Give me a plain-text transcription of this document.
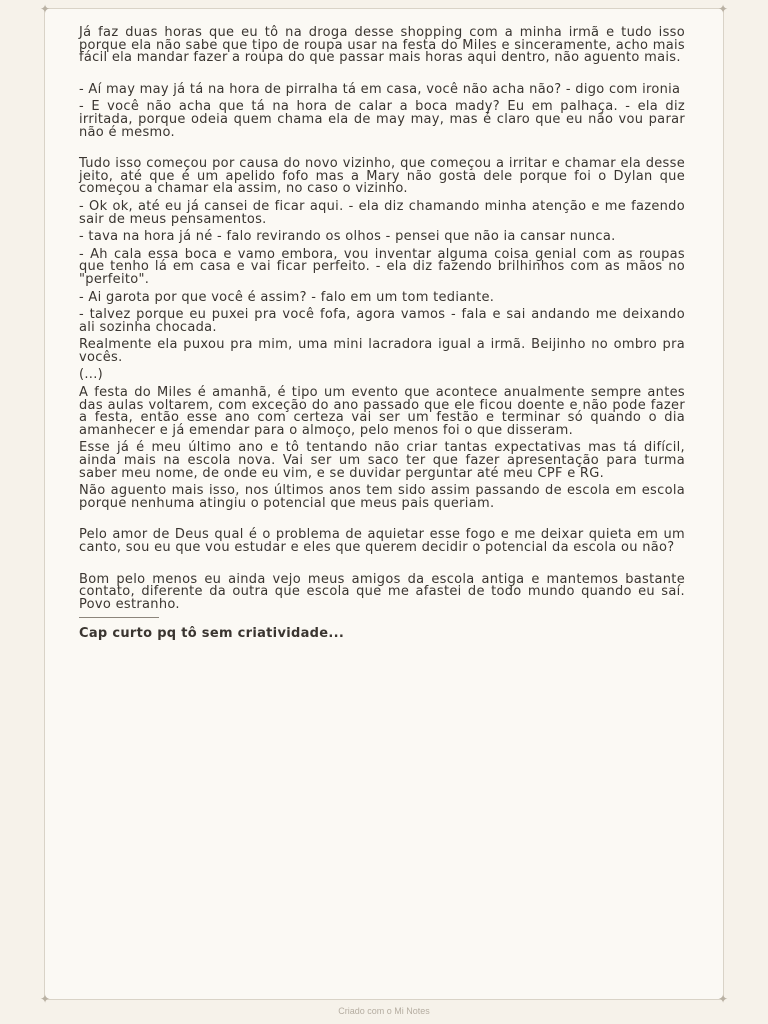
✦	✦
✦	✦

Já faz duas horas que eu tô na droga desse shopping com a minha irmã e tudo isso porque ela não sabe que tipo de roupa usar na festa do Miles e sinceramente, acho mais fácil ela mandar fazer a roupa do que passar mais horas aqui dentro, não aguento mais.

- Aí may may já tá na hora de pirralha tá em casa, você não acha não? - digo com ironia

- E você não acha que tá na hora de calar a boca mady? Eu em palhaça. - ela diz irritada, porque odeia quem chama ela de may may, mas é claro que eu não vou parar não é mesmo.

Tudo isso começou por causa do novo vizinho, que começou a irritar e chamar ela desse jeito, até que é um apelido fofo mas a Mary não gosta dele porque foi o Dylan que começou a chamar ela assim, no caso o vizinho.

- Ok ok, até eu já cansei de ficar aqui. - ela diz chamando minha atenção e me fazendo sair de meus pensamentos.

- tava na hora já né - falo revirando os olhos - pensei que não ia cansar nunca.

- Ah cala essa boca e vamo embora, vou inventar alguma coisa genial com as roupas que tenho lá em casa e vai ficar perfeito. - ela diz fazendo brilhinhos com as mãos no "perfeito".

- Ai garota por que você é assim? - falo em um tom tediante.

- talvez porque eu puxei pra você fofa, agora vamos - fala e sai andando me deixando ali sozinha chocada.

Realmente ela puxou pra mim, uma mini lacradora igual a irmã. Beijinho no ombro pra vocês.

(...)

A festa do Miles é amanhã, é tipo um evento que acontece anualmente sempre antes das aulas voltarem, com exceção do ano passado que ele ficou doente e não pode fazer a festa, então esse ano com certeza vai ser um festão e terminar só quando o dia amanhecer e já emendar para o almoço, pelo menos foi o que disseram.

Esse já é meu último ano e tô tentando não criar tantas expectativas mas tá difícil, ainda mais na escola nova. Vai ser um saco ter que fazer apresentação para turma saber meu nome, de onde eu vim, e se duvidar perguntar até meu CPF e RG.

Não aguento mais isso, nos últimos anos tem sido assim passando de escola em escola porque nenhuma atingiu o potencial que meus pais queriam.

Pelo amor de Deus qual é o problema de aquietar esse fogo e me deixar quieta em um canto, sou eu que vou estudar e eles que querem decidir o potencial da escola ou não?

Bom pelo menos eu ainda vejo meus amigos da escola antiga e mantemos bastante contato, diferente da outra que escola que me afastei de todo mundo quando eu saí. Povo estranho.

Cap curto pq tô sem criatividade...

Criado com o Mi Notes
